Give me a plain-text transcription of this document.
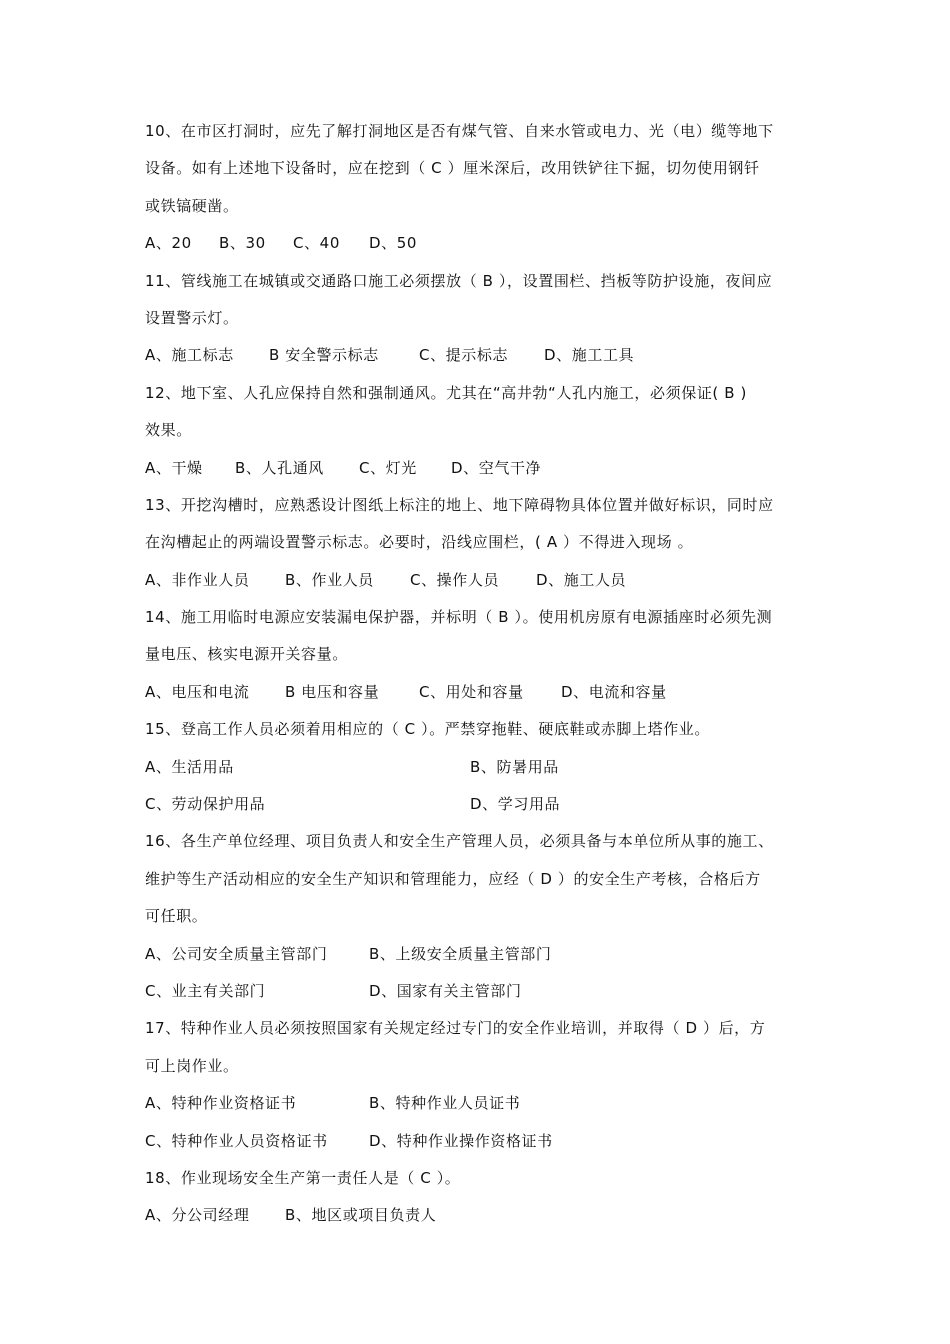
10、在市区打洞时，应先了解打洞地区是否有煤气管、自来水管或电力、光（电）缆等地下
设备。如有上述地下设备时，应在挖到（ C ）厘米深后，改用铁铲往下掘，切勿使用钢钎
或铁镐硬凿。
A、20 B、30 C、40 D、50
11、管线施工在城镇或交通路口施工必须摆放（ B ），设置围栏、挡板等防护设施，夜间应
设置警示灯。
A、施工标志 B 安全警示标志	C、提示标志 D、施工工具
12、地下室、人孔应保持自然和强制通风。尤其在“高井勃“人孔内施工，必须保证( B )
效果。
A、干燥 B、人孔通风 C、灯光 D、空气干净
13、开挖沟槽时，应熟悉设计图纸上标注的地上、地下障碍物具体位置并做好标识，同时应
在沟槽起止的两端设置警示标志。必要时，沿线应围栏，( A ）不得进入现场 。
A、非作业人员 B、作业人员 C、操作人员 D、施工人员
14、施工用临时电源应安装漏电保护器，并标明（ B ）。使用机房原有电源插座时必须先测
量电压、核实电源开关容量。
A、电压和电流 B 电压和容量	C、用处和容量 D、电流和容量
15、登高工作人员必须着用相应的（ C ）。严禁穿拖鞋、硬底鞋或赤脚上塔作业。
A、生活用品	B、防暑用品
C、劳动保护用品	D、学习用品
16、各生产单位经理、项目负责人和安全生产管理人员，必须具备与本单位所从事的施工、
维护等生产活动相应的安全生产知识和管理能力，应经（ D ）的安全生产考核，合格后方
可任职。
A、公司安全质量主管部门	B、上级安全质量主管部门
C、业主有关部门	D、国家有关主管部门
17、特种作业人员必须按照国家有关规定经过专门的安全作业培训，并取得（ D ）后，方
可上岗作业。
A、特种作业资格证书	B、特种作业人员证书
C、特种作业人员资格证书	D、特种作业操作资格证书
18、作业现场安全生产第一责任人是（ C ）。
A、分公司经理 B、地区或项目负责人
